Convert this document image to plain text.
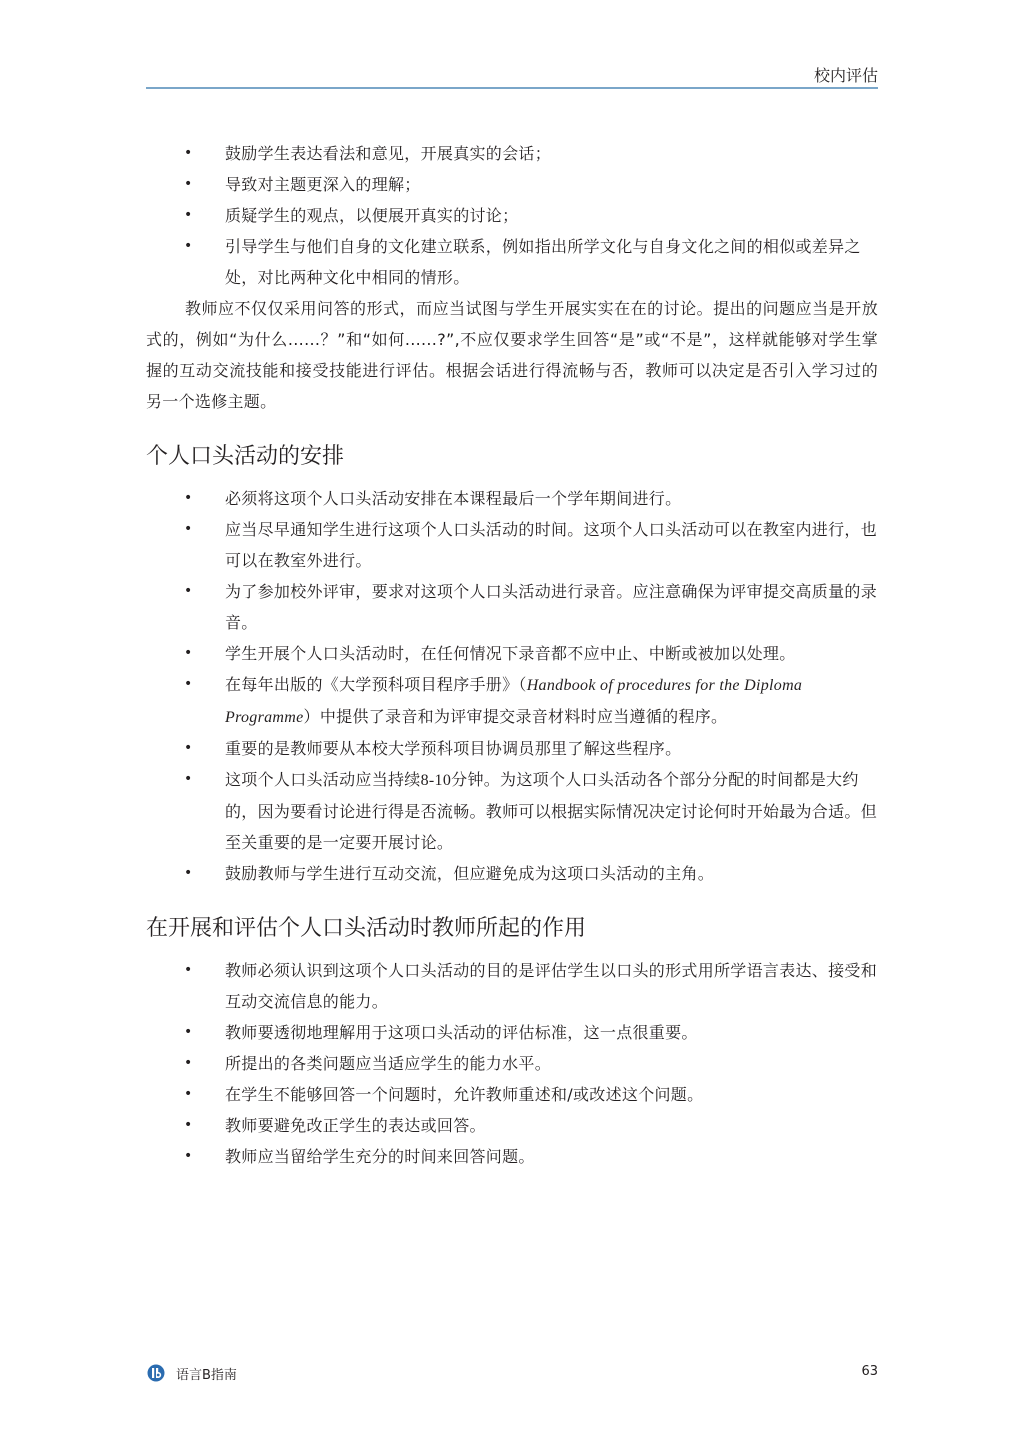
校内评估
• 鼓励学生表达看法和意见，开展真实的会话；
• 导致对主题更深入的理解；
• 质疑学生的观点，以便展开真实的讨论；
• 引导学生与他们自身的文化建立联系，例如指出所学文化与自身文化之间的相似或差异之处，对比两种文化中相同的情形。

教师应不仅仅采用问答的形式，而应当试图与学生开展实实在在的讨论。提出的问题应当是开放式的，例如“为什么......？”和“如何......?”,不应仅要求学生回答“是”或“不是”，这样就能够对学生掌握的互动交流技能和接受技能进行评估。根据会话进行得流畅与否，教师可以决定是否引入学习过的另一个选修主题。

个人口头活动的安排
• 必须将这项个人口头活动安排在本课程最后一个学年期间进行。
• 应当尽早通知学生进行这项个人口头活动的时间。这项个人口头活动可以在教室内进行，也可以在教室外进行。
• 为了参加校外评审，要求对这项个人口头活动进行录音。应注意确保为评审提交高质量的录音。
• 学生开展个人口头活动时，在任何情况下录音都不应中止、中断或被加以处理。
• 在每年出版的《大学预科项目程序手册》（Handbook of procedures for the Diploma Programme）中提供了录音和为评审提交录音材料时应当遵循的程序。
• 重要的是教师要从本校大学预科项目协调员那里了解这些程序。
• 这项个人口头活动应当持续8-10分钟。为这项个人口头活动各个部分分配的时间都是大约的，因为要看讨论进行得是否流畅。教师可以根据实际情况决定讨论何时开始最为合适。但至关重要的是一定要开展讨论。
• 鼓励教师与学生进行互动交流，但应避免成为这项口头活动的主角。
在开展和评估个人口头活动时教师所起的作用
• 教师必须认识到这项个人口头活动的目的是评估学生以口头的形式用所学语言表达、接受和互动交流信息的能力。
• 教师要透彻地理解用于这项口头活动的评估标准，这一点很重要。
• 所提出的各类问题应当适应学生的能力水平。
• 在学生不能够回答一个问题时，允许教师重述和/或改述这个问题。
• 教师要避免改正学生的表达或回答。
• 教师应当留给学生充分的时间来回答问题。
语言B指南	63
